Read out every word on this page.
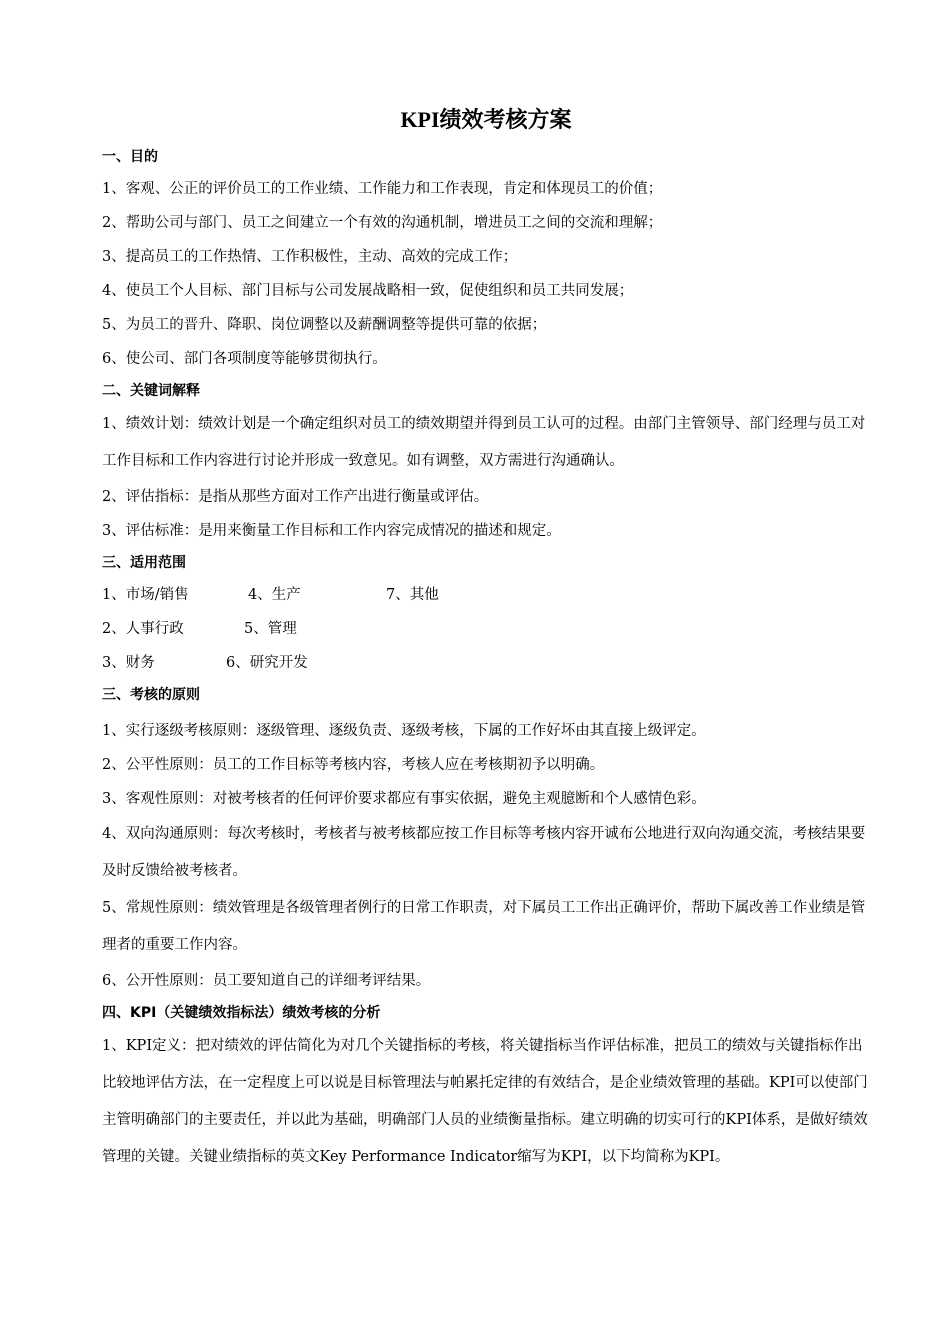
KPI绩效考核方案
一、目的
1、客观、公正的评价员工的工作业绩、工作能力和工作表现，肯定和体现员工的价值；
2、帮助公司与部门、员工之间建立一个有效的沟通机制，增进员工之间的交流和理解；
3、提高员工的工作热情、工作积极性，主动、高效的完成工作；
4、使员工个人目标、部门目标与公司发展战略相一致，促使组织和员工共同发展；
5、为员工的晋升、降职、岗位调整以及薪酬调整等提供可靠的依据；
6、使公司、部门各项制度等能够贯彻执行。
二、关键词解释
1、绩效计划：绩效计划是一个确定组织对员工的绩效期望并得到员工认可的过程。由部门主管领导、部门经理与员工对工作目标和工作内容进行讨论并形成一致意见。如有调整，双方需进行沟通确认。
2、评估指标：是指从那些方面对工作产出进行衡量或评估。
3、评估标准：是用来衡量工作目标和工作内容完成情况的描述和规定。
三、适用范围
1、市场/销售	4、生产	7、其他
2、人事行政	5、管理
3、财务	6、研究开发
三、考核的原则
1、实行逐级考核原则：逐级管理、逐级负责、逐级考核，下属的工作好坏由其直接上级评定。
2、公平性原则：员工的工作目标等考核内容，考核人应在考核期初予以明确。
3、客观性原则：对被考核者的任何评价要求都应有事实依据，避免主观臆断和个人感情色彩。
4、双向沟通原则：每次考核时，考核者与被考核都应按工作目标等考核内容开诚布公地进行双向沟通交流，考核结果要及时反馈给被考核者。
5、常规性原则：绩效管理是各级管理者例行的日常工作职责，对下属员工工作出正确评价，帮助下属改善工作业绩是管理者的重要工作内容。
6、公开性原则：员工要知道自己的详细考评结果。
四、KPI（关键绩效指标法）绩效考核的分析
1、KPI定义：把对绩效的评估简化为对几个关键指标的考核，将关键指标当作评估标准，把员工的绩效与关键指标作出比较地评估方法，在一定程度上可以说是目标管理法与帕累托定律的有效结合，是企业绩效管理的基础。KPI可以使部门主管明确部门的主要责任，并以此为基础，明确部门人员的业绩衡量指标。建立明确的切实可行的KPI体系，是做好绩效管理的关键。关键业绩指标的英文Key Performance Indicator缩写为KPI，以下均简称为KPI。
